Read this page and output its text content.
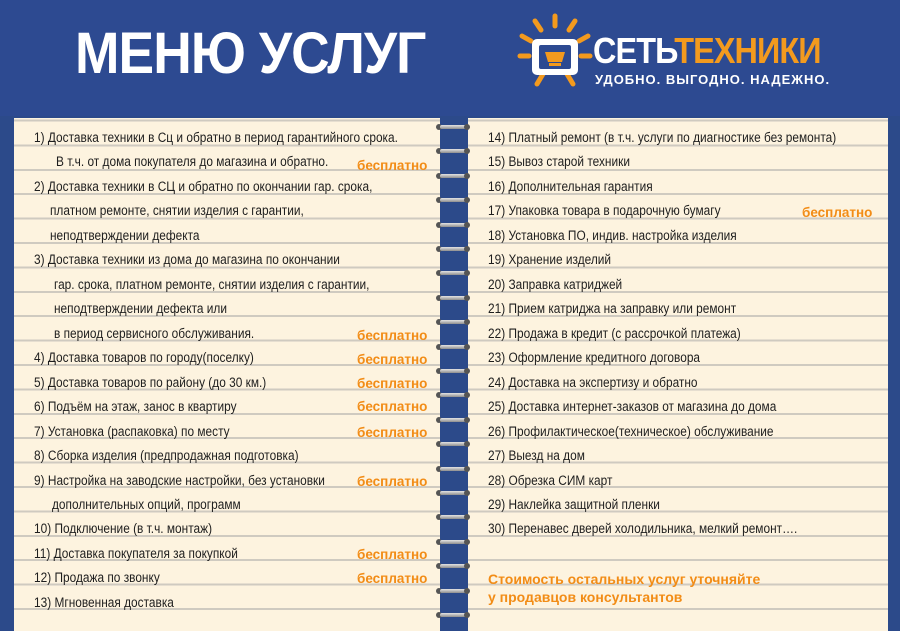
МЕНЮ УСЛУГ	СЕТЬТЕХНИКИ
УДОБНО. ВЫГОДНО. НАДЕЖНО.
1) Доставка техники в Сц и обратно в период гарантийного срока.
В т.ч. от дома покупателя до магазина и обратно.
2) Доставка техники в СЦ и обратно по окончании гар. срока,
платном ремонте, снятии изделия с гарантии,
неподтверждении дефекта
3) Доставка техники из дома до магазина по окончании
гар. срока, платном ремонте, снятии изделия с гарантии,
неподтверждении дефекта или
в период сервисного обслуживания.
4) Доставка товаров по городу(поселку)
5) Доставка товаров по району (до 30 км.)
6) Подъём на этаж, занос в квартиру
7) Установка (распаковка) по месту
8) Сборка изделия (предпродажная подготовка)
9) Настройка на заводские настройки, без установки
дополнительных опций, программ
10) Подключение (в т.ч. монтаж)
11) Доставка покупателя за покупкой
12) Продажа по звонку
13) Мгновенная доставка
бесплатно
бесплатно
бесплатно
бесплатно
бесплатно
бесплатно
бесплатно
бесплатно
бесплатно
14) Платный ремонт (в т.ч. услуги по диагностике без ремонта)
15) Вывоз старой техники
16) Дополнительная гарантия
17) Упаковка товара в подарочную бумагу
18) Установка ПО, индив. настройка изделия
19) Хранение изделий
20) Заправка катриджей
21) Прием катриджа на заправку или ремонт
22) Продажа в кредит (с рассрочкой платежа)
23) Оформление кредитного договора
24) Доставка на экспертизу и обратно
25) Доставка интернет-заказов от магазина до дома
26) Профилактическое(техническое) обслуживание
27) Выезд на дом
28) Обрезка СИМ карт
29) Наклейка защитной пленки
30) Перенавес дверей холодильника, мелкий ремонт….
бесплатно
Стоимость остальных услуг уточняйте
у продавцов консультантов
